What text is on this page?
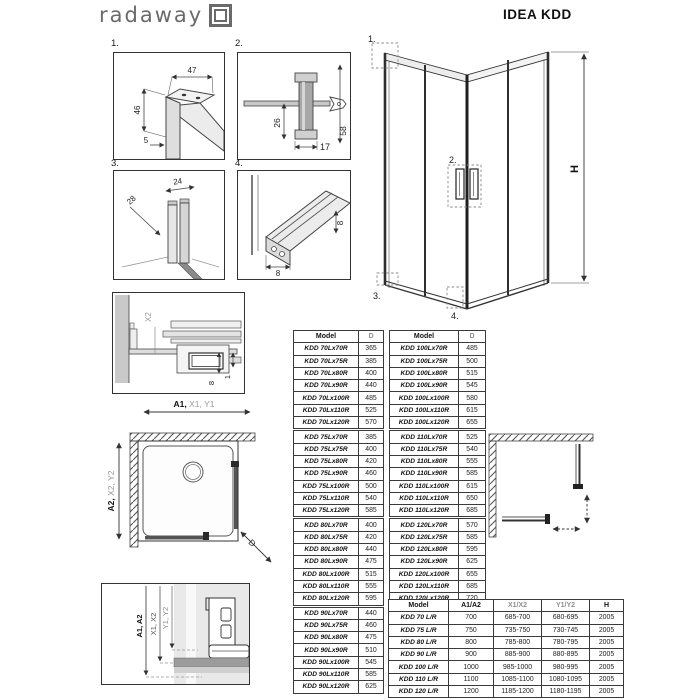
radaway	IDEA KDD
1.
47
46
5
2.
26
17
58
3.
24
28
4.
8
8
1.
2.
3.
4.
H
X2
8
1
A1, X1, Y1
A2, X2, Y2
D
A1, A2 X1, X2 Y1, Y2
Model	D
KDD 70Lx70R	365
KDD 70Lx75R	385
KDD 70Lx80R	400
KDD 70Lx90R	440
KDD 70Lx100R	485
KDD 70Lx110R	525
KDD 70Lx120R	570
KDD 75Lx70R	385
KDD 75Lx75R	400
KDD 75Lx80R	420
KDD 75Lx90R	460
KDD 75Lx100R	500
KDD 75Lx110R	540
KDD 75Lx120R	585
KDD 80Lx70R	400
KDD 80Lx75R	420
KDD 80Lx80R	440
KDD 80Lx90R	475
KDD 80Lx100R	515
KDD 80Lx110R	555
KDD 80Lx120R	595
KDD 90Lx70R	440
KDD 90Lx75R	460
KDD 90Lx80R	475
KDD 90Lx90R	510
KDD 90Lx100R	545
KDD 90Lx110R	585
KDD 90Lx120R	625
Model	D
KDD 100Lx70R	485
KDD 100Lx75R	500
KDD 100Lx80R	515
KDD 100Lx90R	545
KDD 100Lx100R	580
KDD 100Lx110R	615
KDD 100Lx120R	655
KDD 110Lx70R	525
KDD 110Lx75R	540
KDD 110Lx80R	555
KDD 110Lx90R	585
KDD 110Lx100R	615
KDD 110Lx110R	650
KDD 110Lx120R	685
KDD 120Lx70R	570
KDD 120Lx75R	585
KDD 120Lx80R	595
KDD 120Lx90R	625
KDD 120Lx100R	655
KDD 120Lx110R	685

Model	A1/A2	X1/X2	Y1/Y2	H
KDD 70 L/R	700	685-700	680-695	2005
KDD 75 L/R	750	735-750	730-745	2005
KDD 80 L/R	800	785-800	780-795	2005
KDD 90 L/R	900	885-900	880-895	2005
KDD 100 L/R	1000	985-1000	980-995	2005
KDD 110 L/R	1100	1085-1100	1080-1095	2005
KDD 120 L/R	1200	1185-1200	1180-1195	2005
